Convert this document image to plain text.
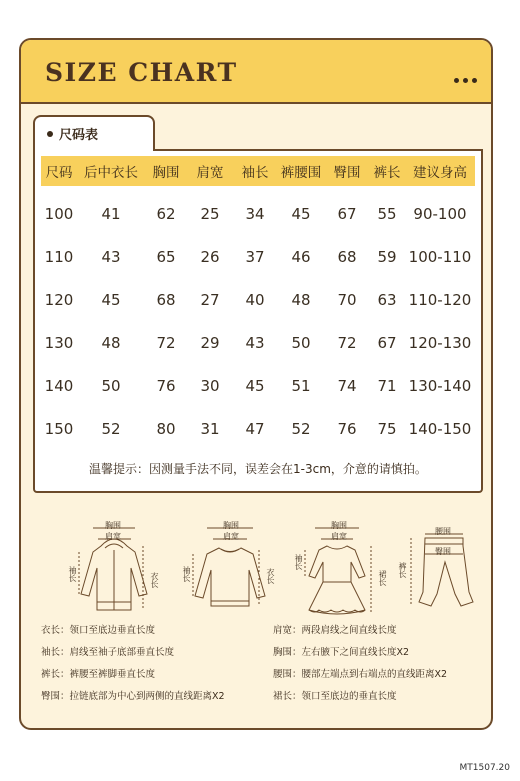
SIZE CHART
尺码表
尺码	后中衣长	胸围	肩宽	袖长	裤腰围	臀围	裤长	建议身高
100	41	62	25	34	45	67	55	90-100
110	43	65	26	37	46	68	59	100-110
120	45	68	27	40	48	70	63	110-120
130	48	72	29	43	50	72	67	120-130
140	50	76	30	45	51	74	71	130-140
150	52	80	31	47	52	76	75	140-150
温馨提示：因测量手法不同，误差会在1-3cm，介意的请慎拍。
胸围
肩宽
袖长	衣长
胸围
肩宽
袖长	衣长
胸围
肩宽
袖长
裙长
腰围
臀围
裤长
衣长：领口至底边垂直长度	肩宽：两段肩线之间直线长度
袖长：肩线至袖子底部垂直长度	胸围：左右腋下之间直线长度X2
裤长：裤腰至裤脚垂直长度	腰围：腰部左端点到右端点的直线距离X2
臀围：拉链底部为中心到两侧的直线距离X2	裙长：领口至底边的垂直长度
MT1507.20
